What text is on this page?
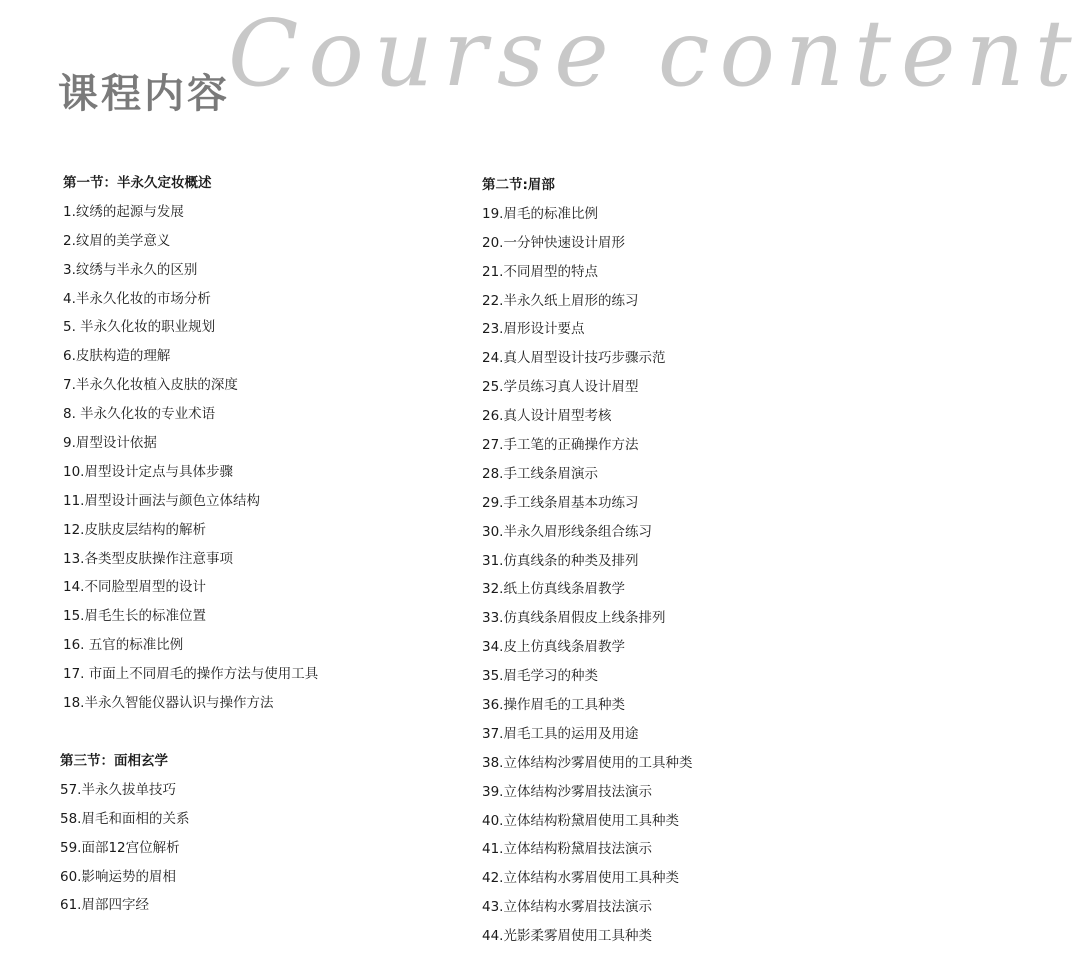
课程内容
Course content
第一节：半永久定妆概述
1.纹绣的起源与发展
2.纹眉的美学意义
3.纹绣与半永久的区别
4.半永久化妆的市场分析
5. 半永久化妆的职业规划
6.皮肤构造的理解
7.半永久化妆植入皮肤的深度
8. 半永久化妆的专业术语
9.眉型设计依据
10.眉型设计定点与具体步骤
11.眉型设计画法与颜色立体结构
12.皮肤皮层结构的解析
13.各类型皮肤操作注意事项
14.不同脸型眉型的设计
15.眉毛生长的标准位置
16. 五官的标准比例
17. 市面上不同眉毛的操作方法与使用工具
18.半永久智能仪器认识与操作方法
第二节:眉部
19.眉毛的标准比例
20.一分钟快速设计眉形
21.不同眉型的特点
22.半永久纸上眉形的练习
23.眉形设计要点
24.真人眉型设计技巧步骤示范
25.学员练习真人设计眉型
26.真人设计眉型考核
27.手工笔的正确操作方法
28.手工线条眉演示
29.手工线条眉基本功练习
30.半永久眉形线条组合练习
31.仿真线条的种类及排列
32.纸上仿真线条眉教学
33.仿真线条眉假皮上线条排列
34.皮上仿真线条眉教学
35.眉毛学习的种类
36.操作眉毛的工具种类
37.眉毛工具的运用及用途
38.立体结构沙雾眉使用的工具种类
39.立体结构沙雾眉技法演示
40.立体结构粉黛眉使用工具种类
41.立体结构粉黛眉技法演示
42.立体结构水雾眉使用工具种类
43.立体结构水雾眉技法演示
44.光影柔雾眉使用工具种类
第三节：面相玄学
57.半永久拔单技巧
58.眉毛和面相的关系
59.面部12宫位解析
60.影响运势的眉相
61.眉部四字经
